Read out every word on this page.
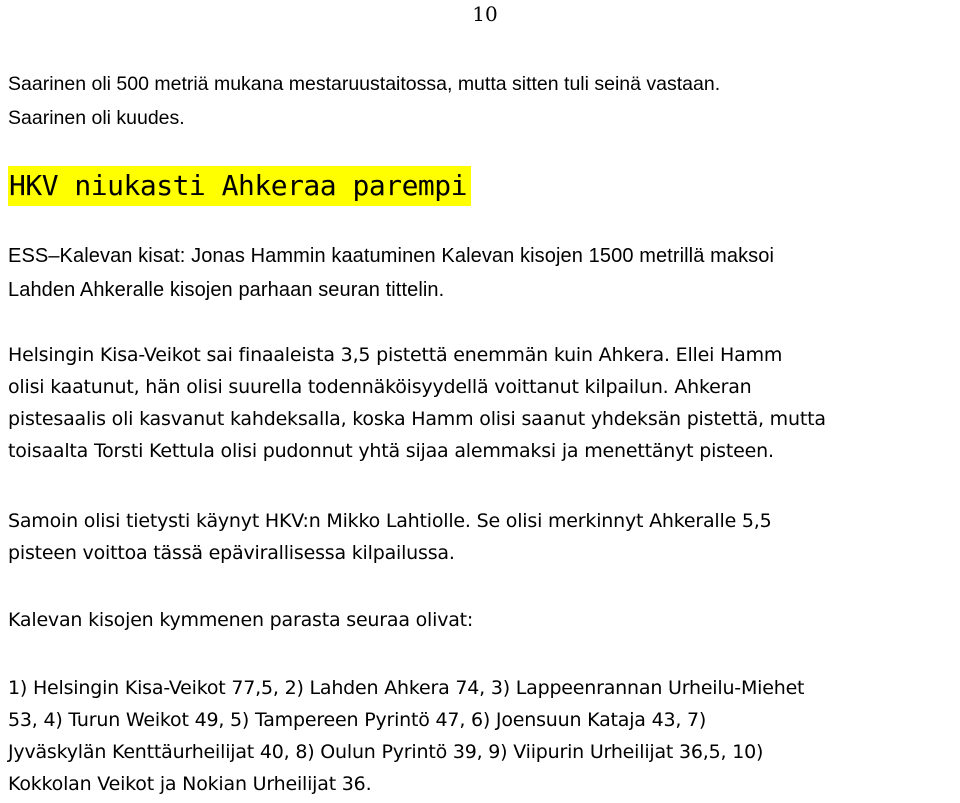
10
Saarinen oli 500 metriä mukana mestaruustaitossa, mutta sitten tuli seinä vastaan.
Saarinen oli kuudes.
HKV niukasti Ahkeraa parempi
ESS–Kalevan kisat: Jonas Hammin kaatuminen Kalevan kisojen 1500 metrillä maksoi
Lahden Ahkeralle kisojen parhaan seuran tittelin.
Helsingin Kisa-Veikot sai finaaleista 3,5 pistettä enemmän kuin Ahkera. Ellei Hamm
olisi kaatunut, hän olisi suurella todennäköisyydellä voittanut kilpailun. Ahkeran
pistesaalis oli kasvanut kahdeksalla, koska Hamm olisi saanut yhdeksän pistettä, mutta
toisaalta Torsti Kettula olisi pudonnut yhtä sijaa alemmaksi ja menettänyt pisteen.
Samoin olisi tietysti käynyt HKV:n Mikko Lahtiolle. Se olisi merkinnyt Ahkeralle 5,5
pisteen voittoa tässä epävirallisessa kilpailussa.
Kalevan kisojen kymmenen parasta seuraa olivat:
1) Helsingin Kisa-Veikot 77,5, 2) Lahden Ahkera 74, 3) Lappeenrannan Urheilu-Miehet
53, 4) Turun Weikot 49, 5) Tampereen Pyrintö 47, 6) Joensuun Kataja 43, 7)
Jyväskylän Kenttäurheilijat 40, 8) Oulun Pyrintö 39, 9) Viipurin Urheilijat 36,5, 10)
Kokkolan Veikot ja Nokian Urheilijat 36.
